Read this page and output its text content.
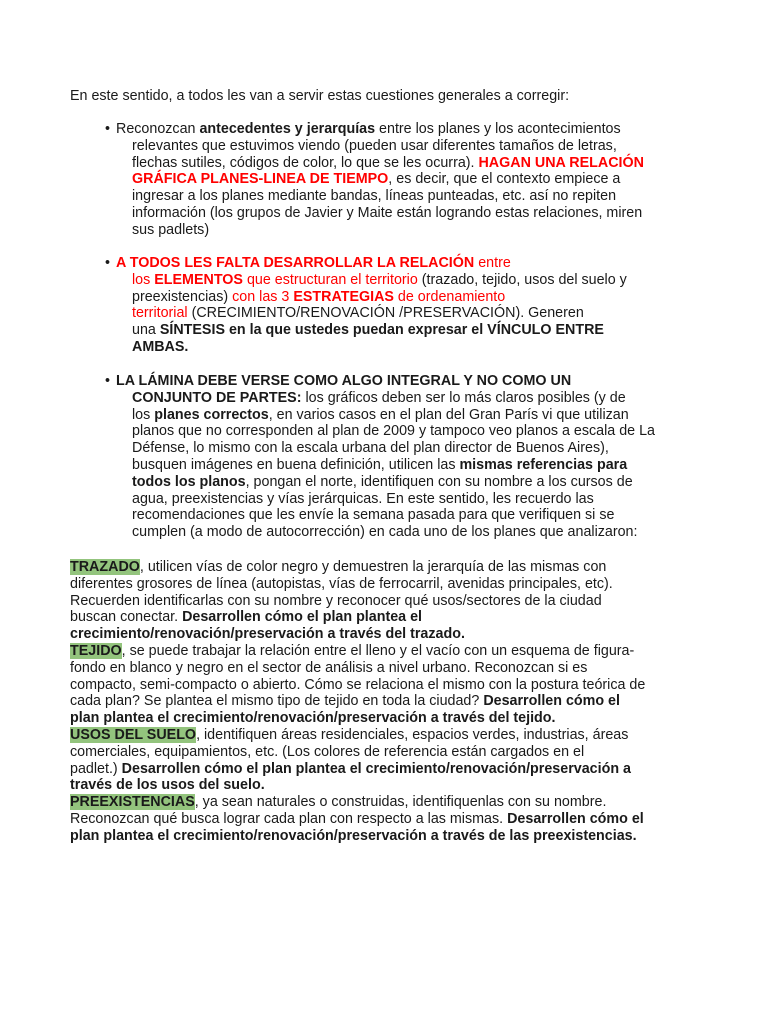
En este sentido, a todos les van a servir estas cuestiones generales a corregir:
• Reconozcan antecedentes y jerarquías entre los planes y los acontecimientos
relevantes que estuvimos viendo (pueden usar diferentes tamaños de letras,
flechas sutiles, códigos de color, lo que se les ocurra). HAGAN UNA RELACIÓN
GRÁFICA PLANES-LINEA DE TIEMPO, es decir, que el contexto empiece a
ingresar a los planes mediante bandas, líneas punteadas, etc. así no repiten
información (los grupos de Javier y Maite están logrando estas relaciones, miren
sus padlets)
• A TODOS LES FALTA DESARROLLAR LA RELACIÓN entre
los ELEMENTOS que estructuran el territorio (trazado, tejido, usos del suelo y
preexistencias) con las 3 ESTRATEGIAS de ordenamiento
territorial (CRECIMIENTO/RENOVACIÓN /PRESERVACIÓN). Generen
una SÍNTESIS en la que ustedes puedan expresar el VÍNCULO ENTRE
AMBAS.
• LA LÁMINA DEBE VERSE COMO ALGO INTEGRAL Y NO COMO UN
CONJUNTO DE PARTES: los gráficos deben ser lo más claros posibles (y de
los planes correctos, en varios casos en el plan del Gran París vi que utilizan
planos que no corresponden al plan de 2009 y tampoco veo planos a escala de La
Défense, lo mismo con la escala urbana del plan director de Buenos Aires),
busquen imágenes en buena definición, utilicen las mismas referencias para
todos los planos, pongan el norte, identifiquen con su nombre a los cursos de
agua, preexistencias y vías jerárquicas. En este sentido, les recuerdo las
recomendaciones que les envíe la semana pasada para que verifiquen si se
cumplen (a modo de autocorrección) en cada uno de los planes que analizaron:
TRAZADO, utilicen vías de color negro y demuestren la jerarquía de las mismas con
diferentes grosores de línea (autopistas, vías de ferrocarril, avenidas principales, etc).
Recuerden identificarlas con su nombre y reconocer qué usos/sectores de la ciudad
buscan conectar. Desarrollen cómo el plan plantea el
crecimiento/renovación/preservación a través del trazado.
TEJIDO, se puede trabajar la relación entre el lleno y el vacío con un esquema de figura-
fondo en blanco y negro en el sector de análisis a nivel urbano. Reconozcan si es
compacto, semi-compacto o abierto. Cómo se relaciona el mismo con la postura teórica de
cada plan? Se plantea el mismo tipo de tejido en toda la ciudad? Desarrollen cómo el
plan plantea el crecimiento/renovación/preservación a través del tejido.
USOS DEL SUELO, identifiquen áreas residenciales, espacios verdes, industrias, áreas
comerciales, equipamientos, etc. (Los colores de referencia están cargados en el
padlet.) Desarrollen cómo el plan plantea el crecimiento/renovación/preservación a
través de los usos del suelo.
PREEXISTENCIAS, ya sean naturales o construidas, identifiquenlas con su nombre.
Reconozcan qué busca lograr cada plan con respecto a las mismas. Desarrollen cómo el
plan plantea el crecimiento/renovación/preservación a través de las preexistencias.
